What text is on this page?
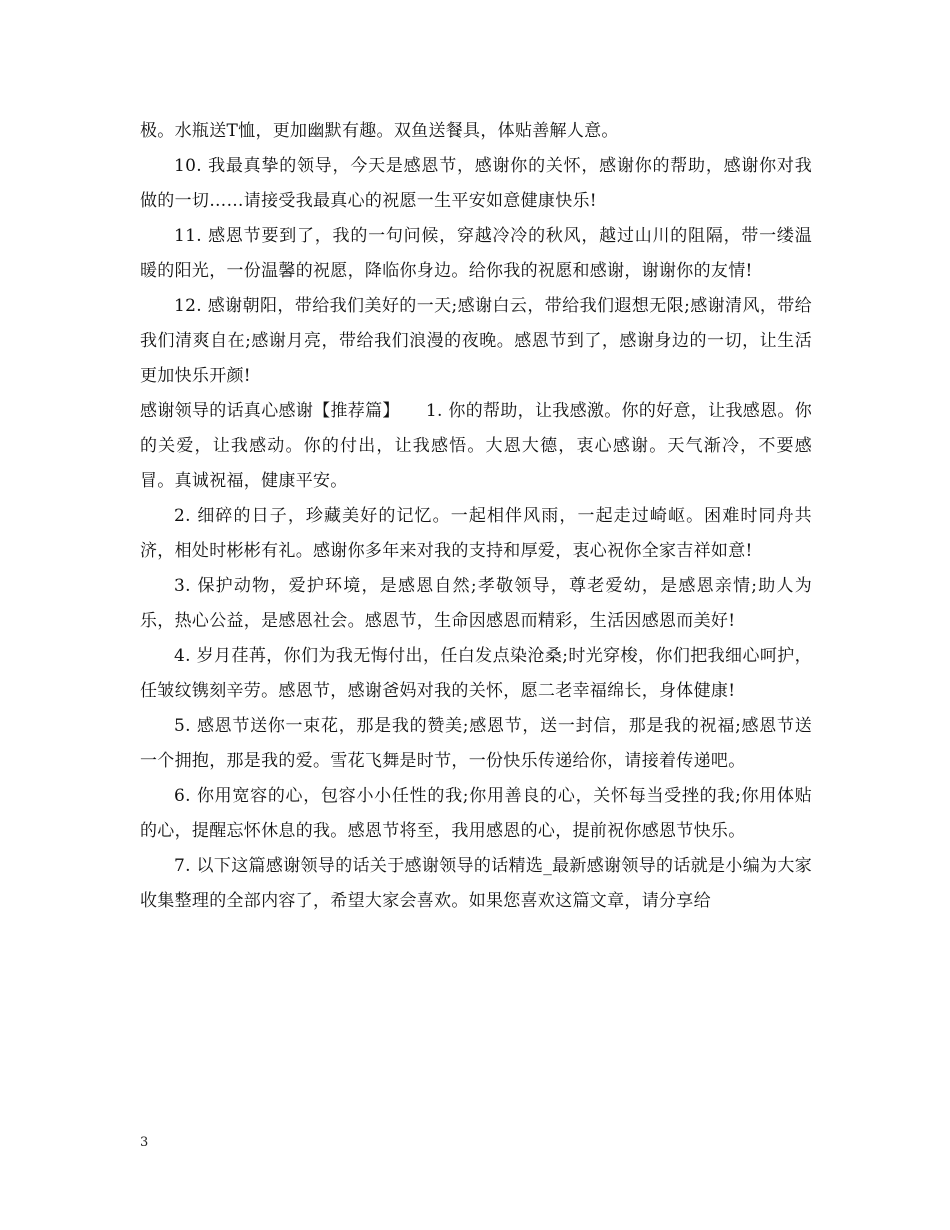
极。水瓶送T恤，更加幽默有趣。双鱼送餐具，体贴善解人意。

10. 我最真挚的领导，今天是感恩节，感谢你的关怀，感谢你的帮助，感谢你对我做的一切……请接受我最真心的祝愿一生平安如意健康快乐!

11. 感恩节要到了，我的一句问候，穿越冷冷的秋风，越过山川的阻隔，带一缕温暖的阳光，一份温馨的祝愿，降临你身边。给你我的祝愿和感谢，谢谢你的友情!

12. 感谢朝阳，带给我们美好的一天;感谢白云，带给我们遐想无限;感谢清风，带给我们清爽自在;感谢月亮，带给我们浪漫的夜晚。感恩节到了，感谢身边的一切，让生活更加快乐开颜!

感谢领导的话真心感谢【推荐篇】　　1. 你的帮助，让我感激。你的好意，让我感恩。你的关爱，让我感动。你的付出，让我感悟。大恩大德，衷心感谢。天气渐冷，不要感冒。真诚祝福，健康平安。

2. 细碎的日子，珍藏美好的记忆。一起相伴风雨，一起走过崎岖。困难时同舟共济，相处时彬彬有礼。感谢你多年来对我的支持和厚爱，衷心祝你全家吉祥如意!

3. 保护动物，爱护环境，是感恩自然;孝敬领导，尊老爱幼，是感恩亲情;助人为乐，热心公益，是感恩社会。感恩节，生命因感恩而精彩，生活因感恩而美好!

4. 岁月荏苒，你们为我无悔付出，任白发点染沧桑;时光穿梭，你们把我细心呵护，任皱纹镌刻辛劳。感恩节，感谢爸妈对我的关怀，愿二老幸福绵长，身体健康!

5. 感恩节送你一束花，那是我的赞美;感恩节，送一封信，那是我的祝福;感恩节送一个拥抱，那是我的爱。雪花飞舞是时节，一份快乐传递给你，请接着传递吧。

6. 你用宽容的心，包容小小任性的我;你用善良的心，关怀每当受挫的我;你用体贴的心，提醒忘怀休息的我。感恩节将至，我用感恩的心，提前祝你感恩节快乐。

7. 以下这篇感谢领导的话关于感谢领导的话精选_最新感谢领导的话就是小编为大家收集整理的全部内容了，希望大家会喜欢。如果您喜欢这篇文章，请分享给

3
